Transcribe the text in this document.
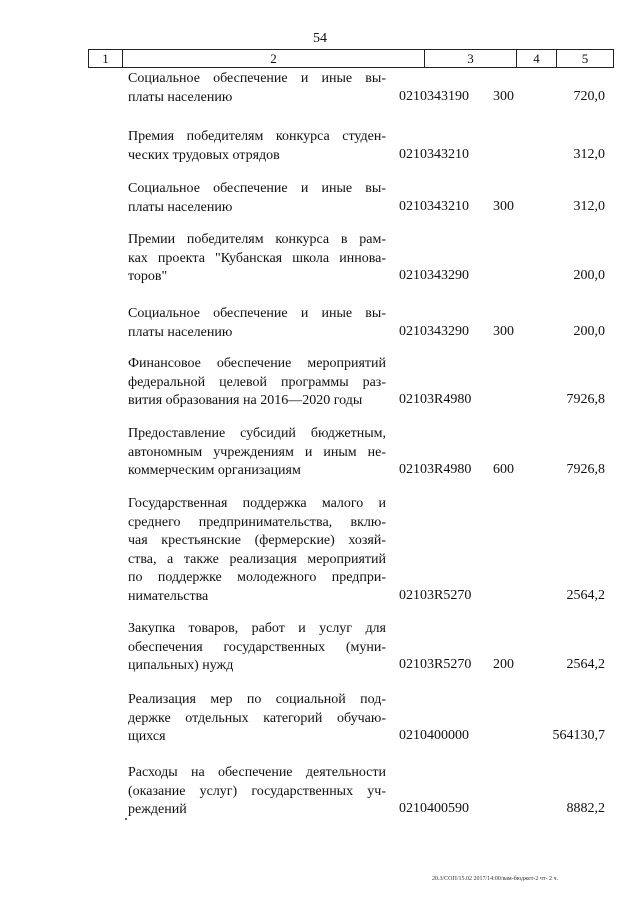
54
1	2	3	4	5
Социальное обеспечение и иные вы-
платы населению	0210343190 300	720,0
Премия победителям конкурса студен-
ческих трудовых отрядов	0210343210	312,0
Социальное обеспечение и иные вы-
платы населению	0210343210 300	312,0
Премии победителям конкурса в рам-
ках проекта "Кубанская школа иннова-
торов"	0210343290	200,0
Социальное обеспечение и иные вы-
платы населению	0210343290 300	200,0
Финансовое обеспечение мероприятий
федеральной целевой программы раз-
вития образования на 2016—2020 годы	02103R4980	7926,8
Предоставление субсидий бюджетным,
автономным учреждениям и иным не-
коммерческим организациям	02103R4980 600	7926,8
Государственная поддержка малого и
среднего предпринимательства, вклю-
чая крестьянские (фермерские) хозяй-
ства, а также реализация мероприятий
по поддержке молодежного предпри-
нимательства	02103R5270	2564,2
Закупка товаров, работ и услуг для
обеспечения государственных (муни-
ципальных) нужд	02103R5270 200	2564,2
Реализация мер по социальной под-
держке отдельных категорий обучаю-
щихся	0210400000	564130,7
Расходы на обеспечение деятельности
(оказание услуг) государственных уч-
реждений	0210400590	8882,2
20.3/СОП/15.02 2017/14:00/вам-бюджет-2 чт- 2 ч.
